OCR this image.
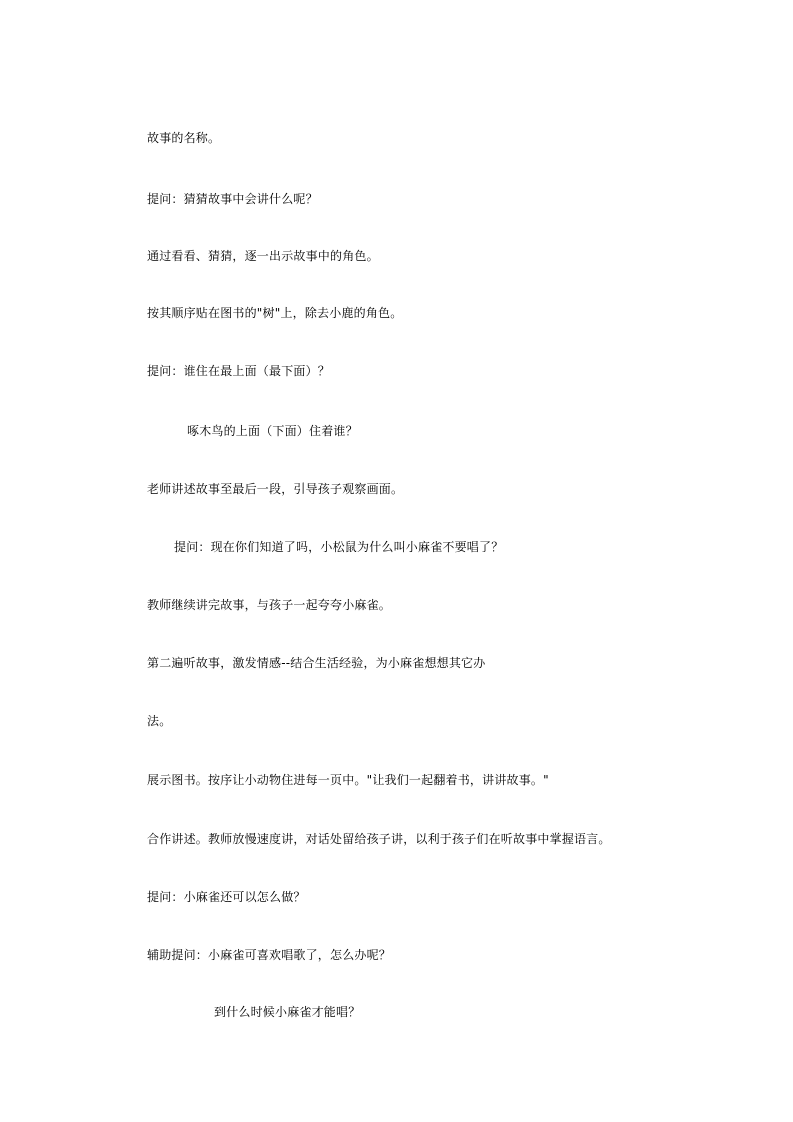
故事的名称。
提问：猜猜故事中会讲什么呢？
通过看看、猜猜，逐一出示故事中的角色。
按其顺序贴在图书的"树"上，除去小鹿的角色。
提问：谁住在最上面（最下面）？
啄木鸟的上面（下面）住着谁？
老师讲述故事至最后一段，引导孩子观察画面。
提问：现在你们知道了吗，小松鼠为什么叫小麻雀不要唱了？
教师继续讲完故事，与孩子一起夸夸小麻雀。
第二遍听故事，激发情感--结合生活经验，为小麻雀想想其它办
法。
展示图书。按序让小动物住进每一页中。"让我们一起翻着书，讲讲故事。"
合作讲述。教师放慢速度讲，对话处留给孩子讲，以利于孩子们在听故事中掌握语言。
提问：小麻雀还可以怎么做？
辅助提问：小麻雀可喜欢唱歌了，怎么办呢？
到什么时候小麻雀才能唱？
